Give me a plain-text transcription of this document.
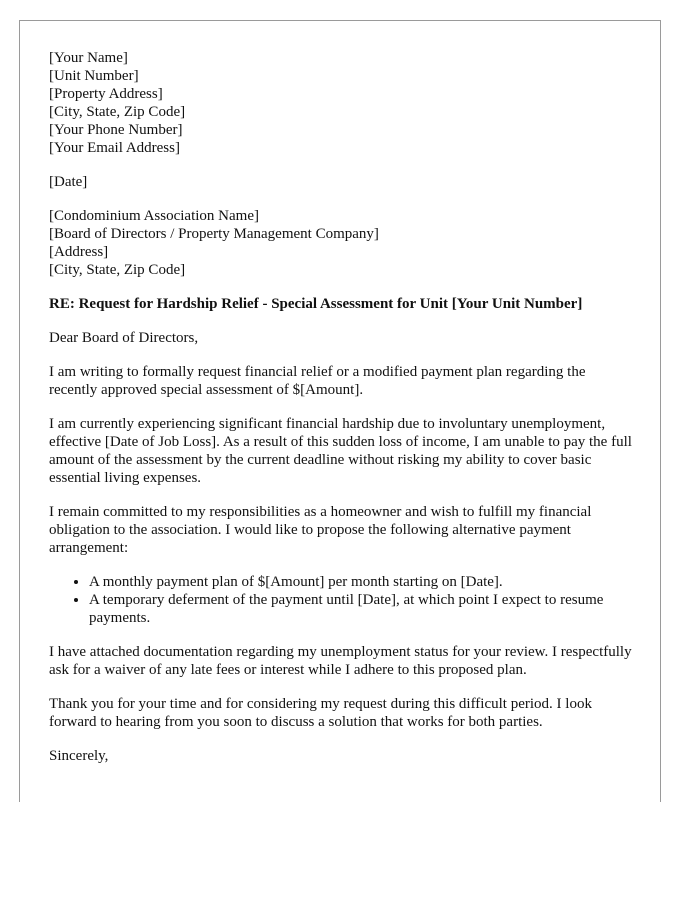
[Your Name]
[Unit Number]
[Property Address]
[City, State, Zip Code]
[Your Phone Number]
[Your Email Address]
[Date]
[Condominium Association Name]
[Board of Directors / Property Management Company]
[Address]
[City, State, Zip Code]
RE: Request for Hardship Relief - Special Assessment for Unit [Your Unit Number]

Dear Board of Directors,

I am writing to formally request financial relief or a modified payment plan regarding the recently approved special assessment of $[Amount].

I am currently experiencing significant financial hardship due to involuntary unemployment, effective [Date of Job Loss]. As a result of this sudden loss of income, I am unable to pay the full amount of the assessment by the current deadline without risking my ability to cover basic essential living expenses.

I remain committed to my responsibilities as a homeowner and wish to fulfill my financial obligation to the association. I would like to propose the following alternative payment arrangement:

• A monthly payment plan of $[Amount] per month starting on [Date].
• A temporary deferment of the payment until [Date], at which point I expect to resume payments.

I have attached documentation regarding my unemployment status for your review. I respectfully ask for a waiver of any late fees or interest while I adhere to this proposed plan.

Thank you for your time and for considering my request during this difficult period. I look forward to hearing from you soon to discuss a solution that works for both parties.

Sincerely,
